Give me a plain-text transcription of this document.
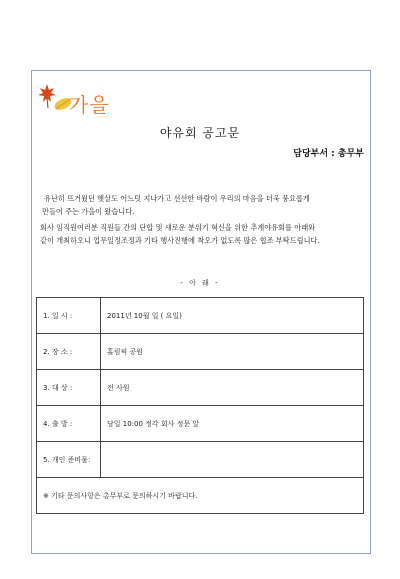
가을
야유회 공고문
담당부서 : 총무부

유난히 뜨거웠던 햇살도 어느덧 지나가고 선선한 바람이 우리의 마음을 더욱 풍요롭게
만들어 주는 가을이 왔습니다.

회사 임직원여러분 직원들 간의 단합 및 새로운 분위기 혁신을 위한 추계야유회를 아래와
같이 개최하오니 업무일정조정과 기타 행사진행에 착오가 없도록 많은 협조 부탁드립니다.

- 아 래 -
1. 일 시 :	2011년 10월 일 ( 요일)
2. 장 소 :	홀림픽 공원
3. 대 상 :	전 사원
4. 출 발 :	당일 10:00 정각 회사 정문 앞
5. 개인 준비물:	
※ 기타 문의사항은 총무부로 문의하시기 바랍니다.	
